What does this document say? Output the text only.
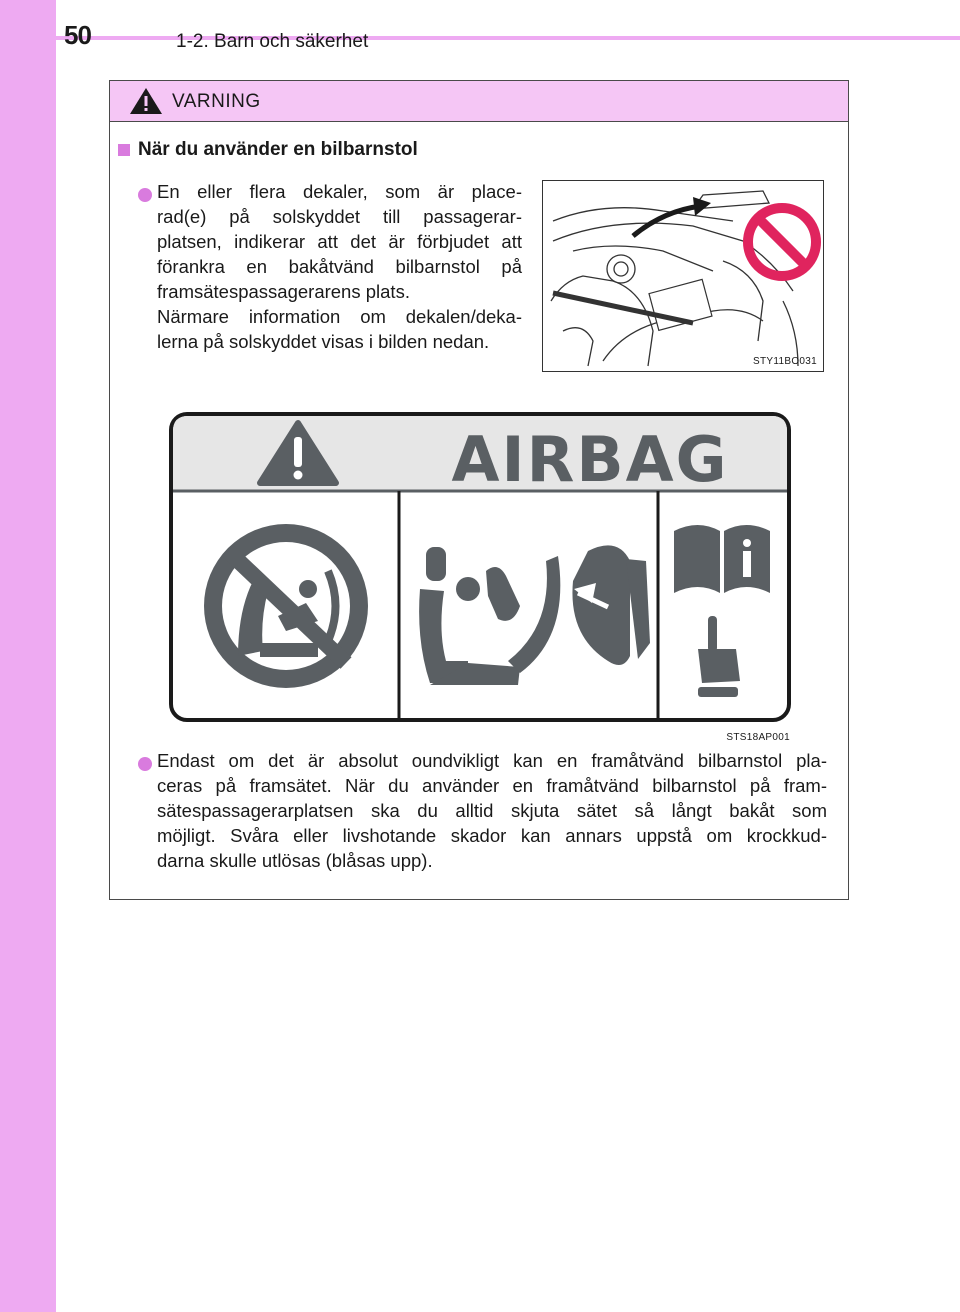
50	1-2. Barn och säkerhet
VARNING
När du använder en bilbarnstol
En eller flera dekaler, som är place-
rad(e) på solskyddet till passagerar-
platsen, indikerar att det är förbjudet att
förankra en bakåtvänd bilbarnstol på
framsätespassagerarens plats.
Närmare information om dekalen/deka-
lerna på solskyddet visas i bilden nedan.
STY11BO031
AIRBAG
STS18AP001
Endast om det är absolut oundvikligt kan en framåtvänd bilbarnstol pla-
ceras på framsätet. När du använder en framåtvänd bilbarnstol på fram-
sätespassagerarplatsen ska du alltid skjuta sätet så långt bakåt som
möjligt. Svåra eller livshotande skador kan annars uppstå om krockkud-
darna skulle utlösas (blåsas upp).
